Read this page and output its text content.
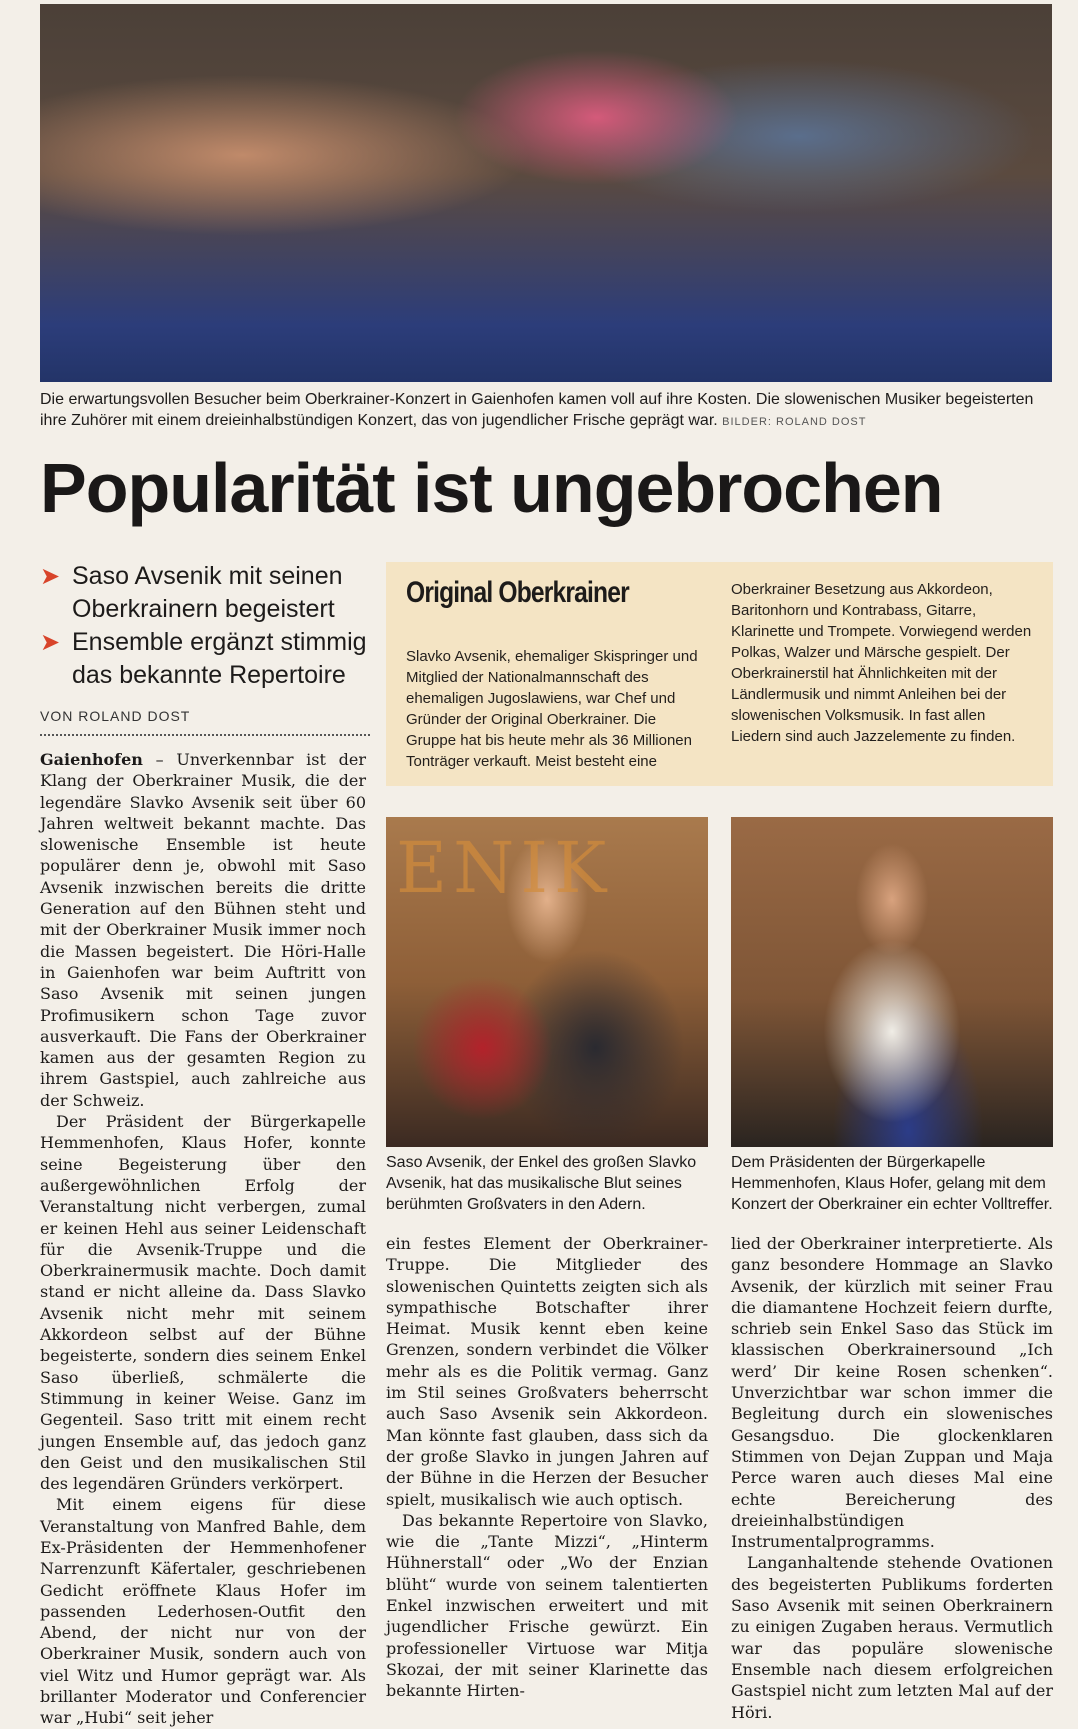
Die erwartungsvollen Besucher beim Oberkrainer-Konzert in Gaienhofen kamen voll auf ihre Kosten. Die slowenischen Musiker begeisterten ihre Zuhörer mit einem dreieinhalbstündigen Konzert, das von jugendlicher Frische geprägt war. BILDER: ROLAND DOST
Popularität ist ungebrochen
➤ Saso Avsenik mit seinen Oberkrainern begeistert
➤ Ensemble ergänzt stimmig das bekannte Repertoire
VON ROLAND DOST
Original Oberkrainer
Slavko Avsenik, ehemaliger Skispringer und Mitglied der Nationalmannschaft des ehemaligen Jugoslawiens, war Chef und Gründer der Original Oberkrainer. Die Gruppe hat bis heute mehr als 36 Millionen Tonträger verkauft. Meist besteht eine
Oberkrainer Besetzung aus Akkordeon, Baritonhorn und Kontrabass, Gitarre, Klarinette und Trompete. Vorwiegend werden Polkas, Walzer und Märsche gespielt. Der Oberkrainerstil hat Ähnlichkeiten mit der Ländlermusik und nimmt Anleihen bei der slowenischen Volksmusik. In fast allen Liedern sind auch Jazzelemente zu finden.
ENIK
Saso Avsenik, der Enkel des großen Slavko Avsenik, hat das musikalische Blut seines berühmten Großvaters in den Adern.
Dem Präsidenten der Bürgerkapelle Hemmenhofen, Klaus Hofer, gelang mit dem Konzert der Oberkrainer ein echter Volltreffer.

Gaienhofen – Unverkennbar ist der Klang der Oberkrainer Musik, die der legendäre Slavko Avsenik seit über 60 Jahren weltweit bekannt machte. Das slowenische Ensemble ist heute populärer denn je, obwohl mit Saso Avsenik inzwischen bereits die dritte Generation auf den Bühnen steht und mit der Oberkrainer Musik immer noch die Massen begeistert. Die Höri-Halle in Gaienhofen war beim Auftritt von Saso Avsenik mit seinen jungen Profimusikern schon Tage zuvor ausverkauft. Die Fans der Oberkrainer kamen aus der gesamten Region zu ihrem Gastspiel, auch zahlreiche aus der Schweiz.

Der Präsident der Bürgerkapelle Hemmenhofen, Klaus Hofer, konnte seine Begeisterung über den außergewöhnlichen Erfolg der Veranstaltung nicht verbergen, zumal er keinen Hehl aus seiner Leidenschaft für die Avsenik-Truppe und die Oberkrainermusik machte. Doch damit stand er nicht alleine da. Dass Slavko Avsenik nicht mehr mit seinem Akkordeon selbst auf der Bühne begeisterte, sondern dies seinem Enkel Saso überließ, schmälerte die Stimmung in keiner Weise. Ganz im Gegenteil. Saso tritt mit einem recht jungen Ensemble auf, das jedoch ganz den Geist und den musikalischen Stil des legendären Gründers verkörpert.

Mit einem eigens für diese Veranstaltung von Manfred Bahle, dem Ex-Präsidenten der Hemmenhofener Narrenzunft Käfertaler, geschriebenen Gedicht eröffnete Klaus Hofer im passenden Lederhosen-Outfit den Abend, der nicht nur von der Oberkrainer Musik, sondern auch von viel Witz und Humor geprägt war. Als brillanter Moderator und Conferencier war „Hubi“ seit jeher

ein festes Element der Oberkrainer-Truppe. Die Mitglieder des slowenischen Quintetts zeigten sich als sympathische Botschafter ihrer Heimat. Musik kennt eben keine Grenzen, sondern verbindet die Völker mehr als es die Politik vermag. Ganz im Stil seines Großvaters beherrscht auch Saso Avsenik sein Akkordeon. Man könnte fast glauben, dass sich da der große Slavko in jungen Jahren auf der Bühne in die Herzen der Besucher spielt, musikalisch wie auch optisch.

Das bekannte Repertoire von Slavko, wie die „Tante Mizzi“, „Hinterm Hühnerstall“ oder „Wo der Enzian blüht“ wurde von seinem talentierten Enkel inzwischen erweitert und mit jugendlicher Frische gewürzt. Ein professioneller Virtuose war Mitja Skozai, der mit seiner Klarinette das bekannte Hirten-

lied der Oberkrainer interpretierte. Als ganz besondere Hommage an Slavko Avsenik, der kürzlich mit seiner Frau die diamantene Hochzeit feiern durfte, schrieb sein Enkel Saso das Stück im klassischen Oberkrainersound „Ich werd’ Dir keine Rosen schenken“. Unverzichtbar war schon immer die Begleitung durch ein slowenisches Gesangsduo. Die glockenklaren Stimmen von Dejan Zuppan und Maja Perce waren auch dieses Mal eine echte Bereicherung des dreieinhalbstündigen Instrumentalprogramms.

Langanhaltende stehende Ovationen des begeisterten Publikums forderten Saso Avsenik mit seinen Oberkrainern zu einigen Zugaben heraus. Vermutlich war das populäre slowenische Ensemble nach diesem erfolgreichen Gastspiel nicht zum letzten Mal auf der Höri.
